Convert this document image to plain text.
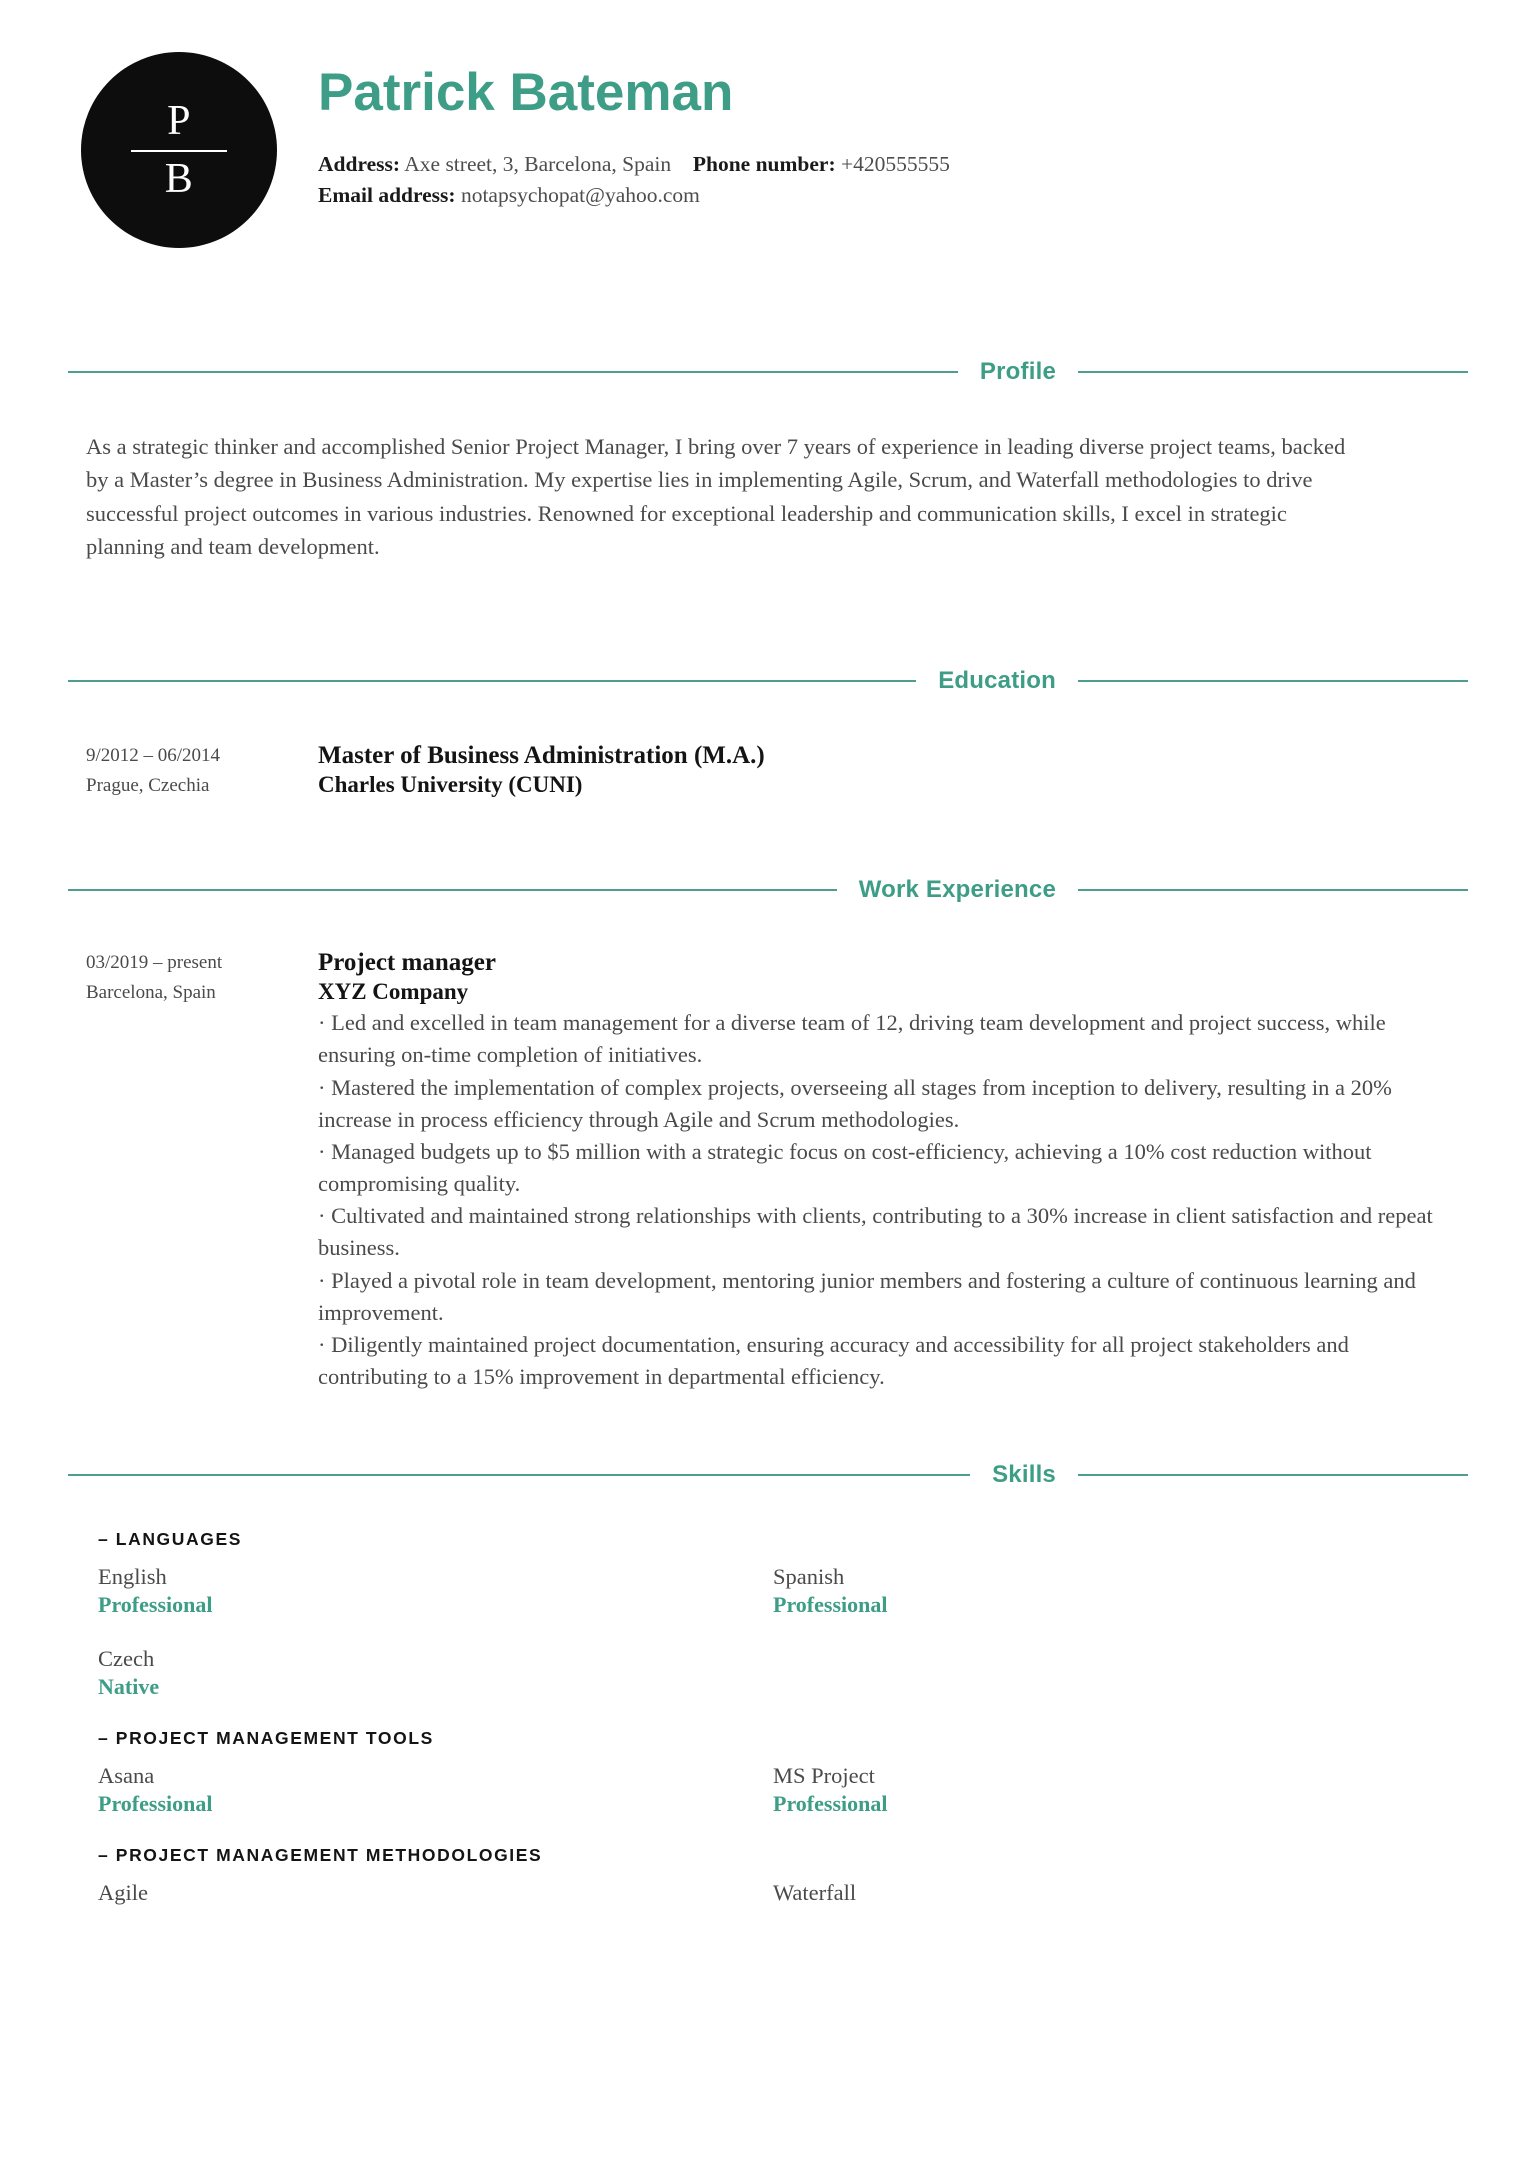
P
B
Patrick Bateman
Address: Axe street, 3, Barcelona, Spain Phone number: +420555555
Email address: notapsychopat@yahoo.com
Profile
As a strategic thinker and accomplished Senior Project Manager, I bring over 7 years of experience in leading diverse project teams, backed by a Master’s degree in Business Administration. My expertise lies in implementing Agile, Scrum, and Waterfall methodologies to drive successful project outcomes in various industries. Renowned for exceptional leadership and communication skills, I excel in strategic planning and team development.
Education
9/2012 – 06/2014
Prague, Czechia
Master of Business Administration (M.A.)
Charles University (CUNI)
Work Experience
03/2019 – present
Barcelona, Spain
Project manager
XYZ Company
· Led and excelled in team management for a diverse team of 12, driving team development and project success, while ensuring on-time completion of initiatives.
· Mastered the implementation of complex projects, overseeing all stages from inception to delivery, resulting in a 20% increase in process efficiency through Agile and Scrum methodologies.
· Managed budgets up to $5 million with a strategic focus on cost-efficiency, achieving a 10% cost reduction without compromising quality.
· Cultivated and maintained strong relationships with clients, contributing to a 30% increase in client satisfaction and repeat business.
· Played a pivotal role in team development, mentoring junior members and fostering a culture of continuous learning and improvement.
· Diligently maintained project documentation, ensuring accuracy and accessibility for all project stakeholders and contributing to a 15% improvement in departmental efficiency.
Skills
– LANGUAGES
English
Professional
Spanish
Professional
Czech
Native
– PROJECT MANAGEMENT TOOLS
Asana
Professional
MS Project
Professional
– PROJECT MANAGEMENT METHODOLOGIES
Agile	Waterfall
